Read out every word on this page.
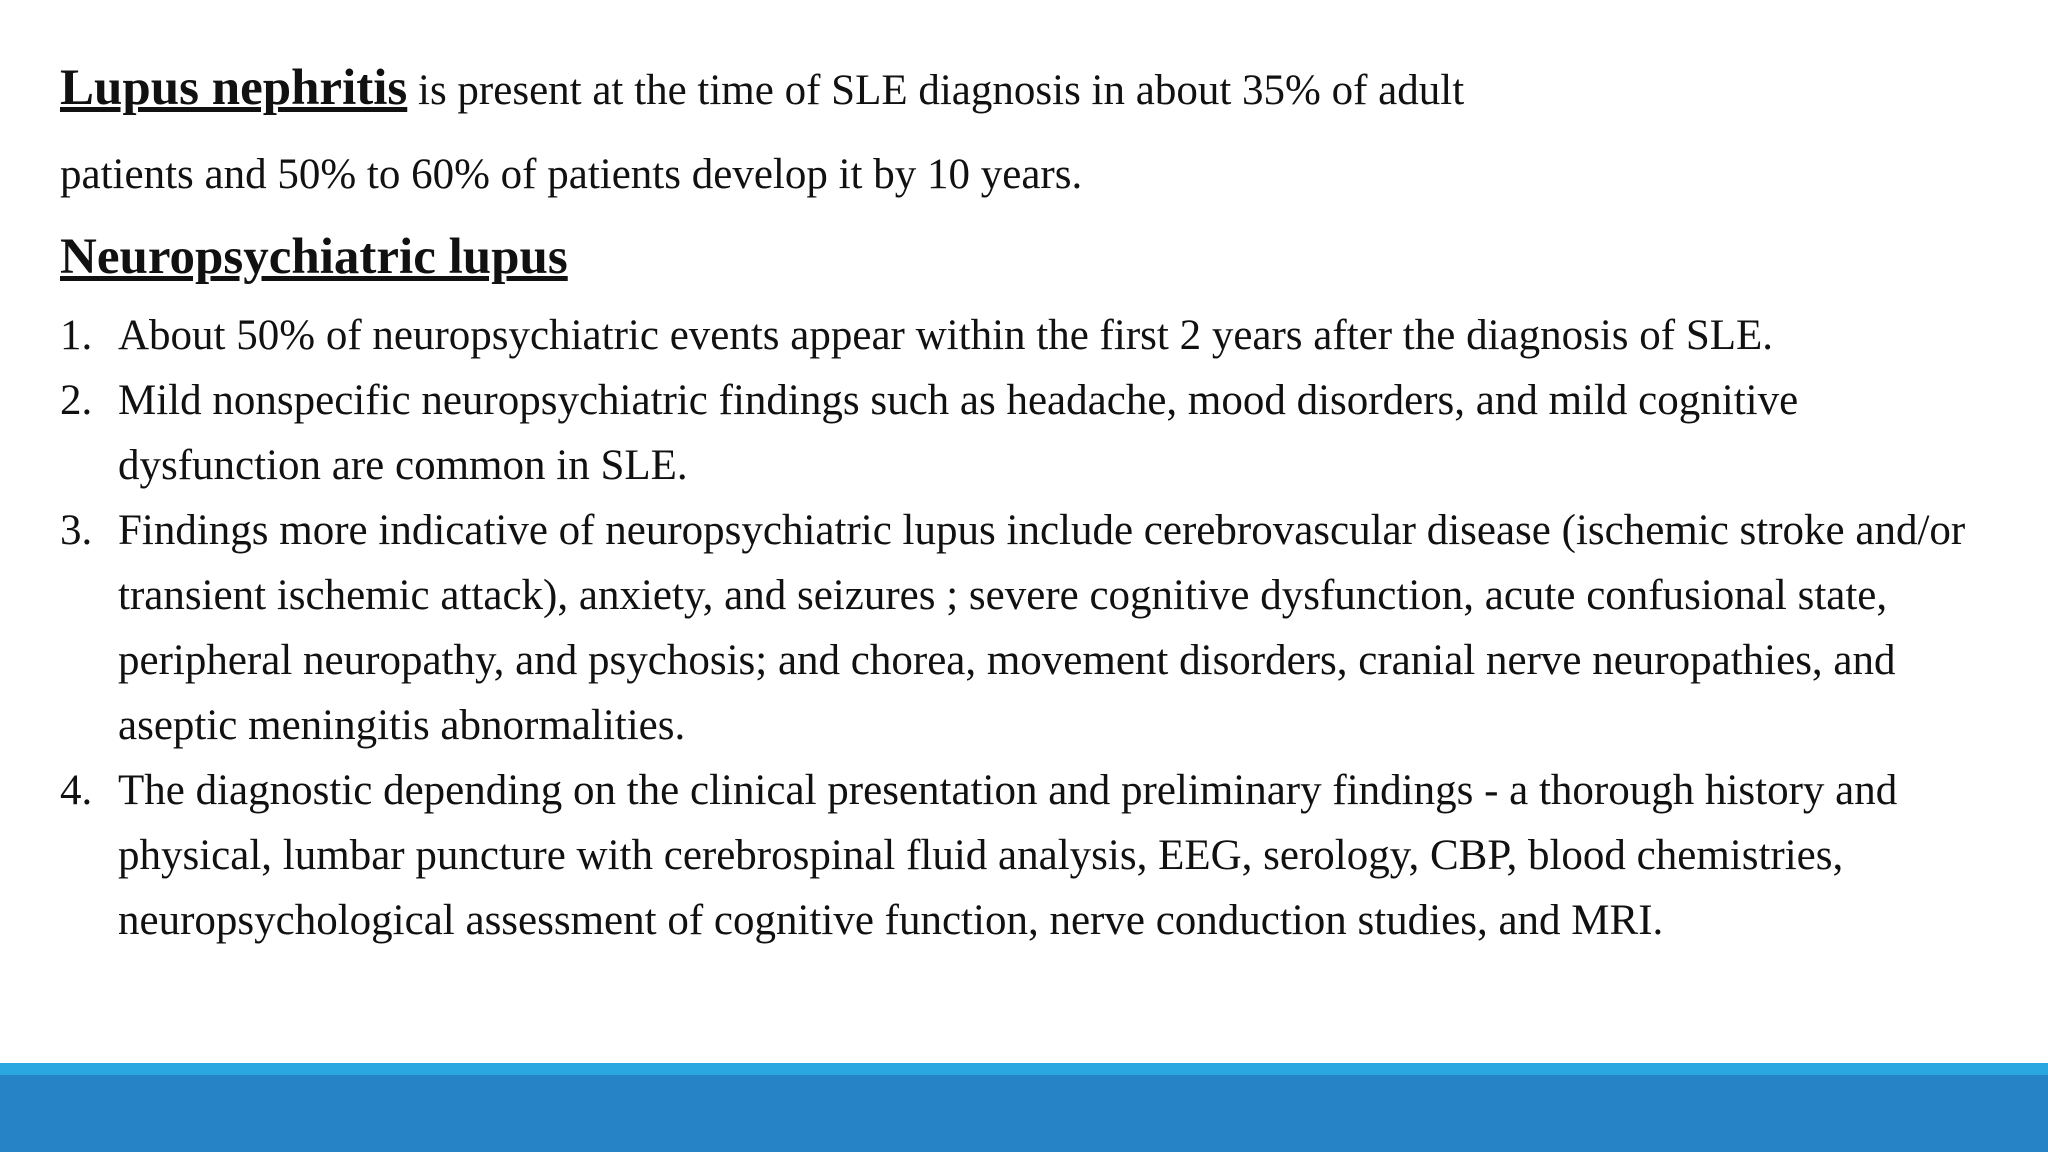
Lupus nephritis is present at the time of SLE diagnosis in about 35% of adult
patients and 50% to 60% of patients develop it by 10 years.

Neuropsychiatric lupus
1. About 50% of neuropsychiatric events appear within the first 2 years after the diagnosis of SLE.
2. Mild nonspecific neuropsychiatric findings such as headache, mood disorders, and mild cognitive dysfunction are common in SLE.
3. Findings more indicative of neuropsychiatric lupus include cerebrovascular disease (ischemic stroke and/or transient ischemic attack), anxiety, and seizures ; severe cognitive dysfunction, acute confusional state, peripheral neuropathy, and psychosis; and chorea, movement disorders, cranial nerve neuropathies, and aseptic meningitis abnormalities.
4. The diagnostic depending on the clinical presentation and preliminary findings - a thorough history and physical, lumbar puncture with cerebrospinal fluid analysis, EEG, serology, CBP, blood chemistries, neuropsychological assessment of cognitive function, nerve conduction studies, and MRI.
